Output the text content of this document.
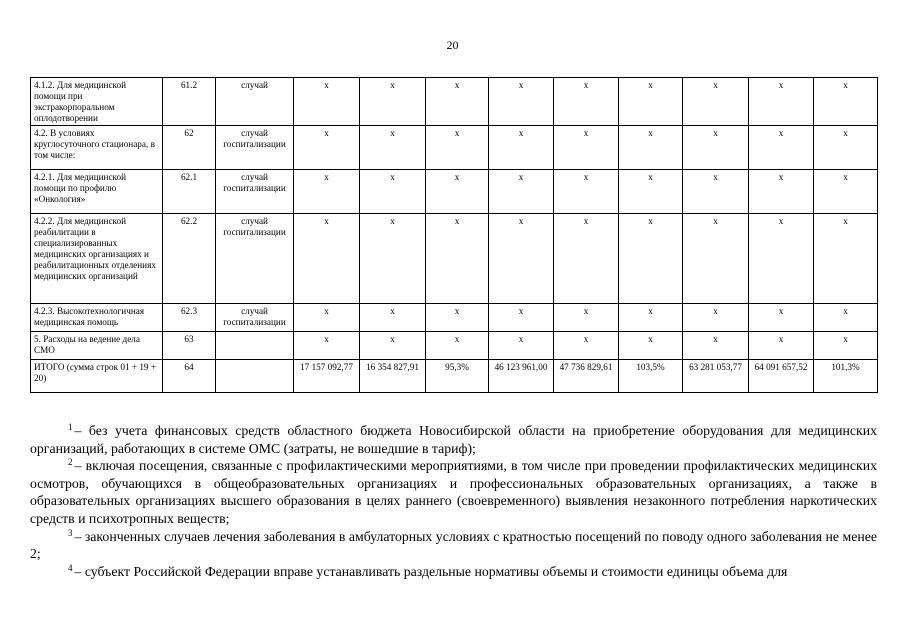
20
4.1.2. Для медицинской помощи при экстракорпоральном оплодотворении	61.2	случай	x	x	x	x	x	x	x	x	x
4.2. В условиях круглосуточного стационара, в том числе:	62	случай госпитализации	x	x	x	x	x	x	x	x	x
4.2.1. Для медицинской помощи по профилю «Онкология»	62.1	случай госпитализации	x	x	x	x	x	x	x	x	x
4.2.2. Для медицинской реабилитации в специализированных медицинских организациях и реабилитационных отделениях медицинских организаций	62.2	случай госпитализации	x	x	x	x	x	x	x	x	x
4.2.3. Высокотехнологичная медицинская помощь	62.3	случай госпитализации	x	x	x	x	x	x	x	x	x
5. Расходы на ведение дела СМО	63		x	x	x	x	x	x	x	x	x
ИТОГО (сумма строк 01 + 19 + 20)	64		17 157 092,77	16 354 827,91	95,3%	46 123 961,00	47 736 829,61	103,5%	63 281 053,77	64 091 657,52	101,3%

$^1$ – без учета финансовых средств областного бюджета Новосибирской области на приобретение оборудования для медицинских организаций, работающих в системе ОМС (затраты, не вошедшие в тариф);

$^2$ – включая посещения, связанные с профилактическими мероприятиями, в том числе при проведении профилактических медицинских осмотров, обучающихся в общеобразовательных организациях и профессиональных образовательных организациях, а также в образовательных организациях высшего образования в целях раннего (своевременного) выявления незаконного потребления наркотических средств и психотропных веществ;

$^3$ – законченных случаев лечения заболевания в амбулаторных условиях с кратностью посещений по поводу одного заболевания не менее 2;

$^4$ – субъект Российской Федерации вправе устанавливать раздельные нормативы объемы и стоимости единицы объема для
